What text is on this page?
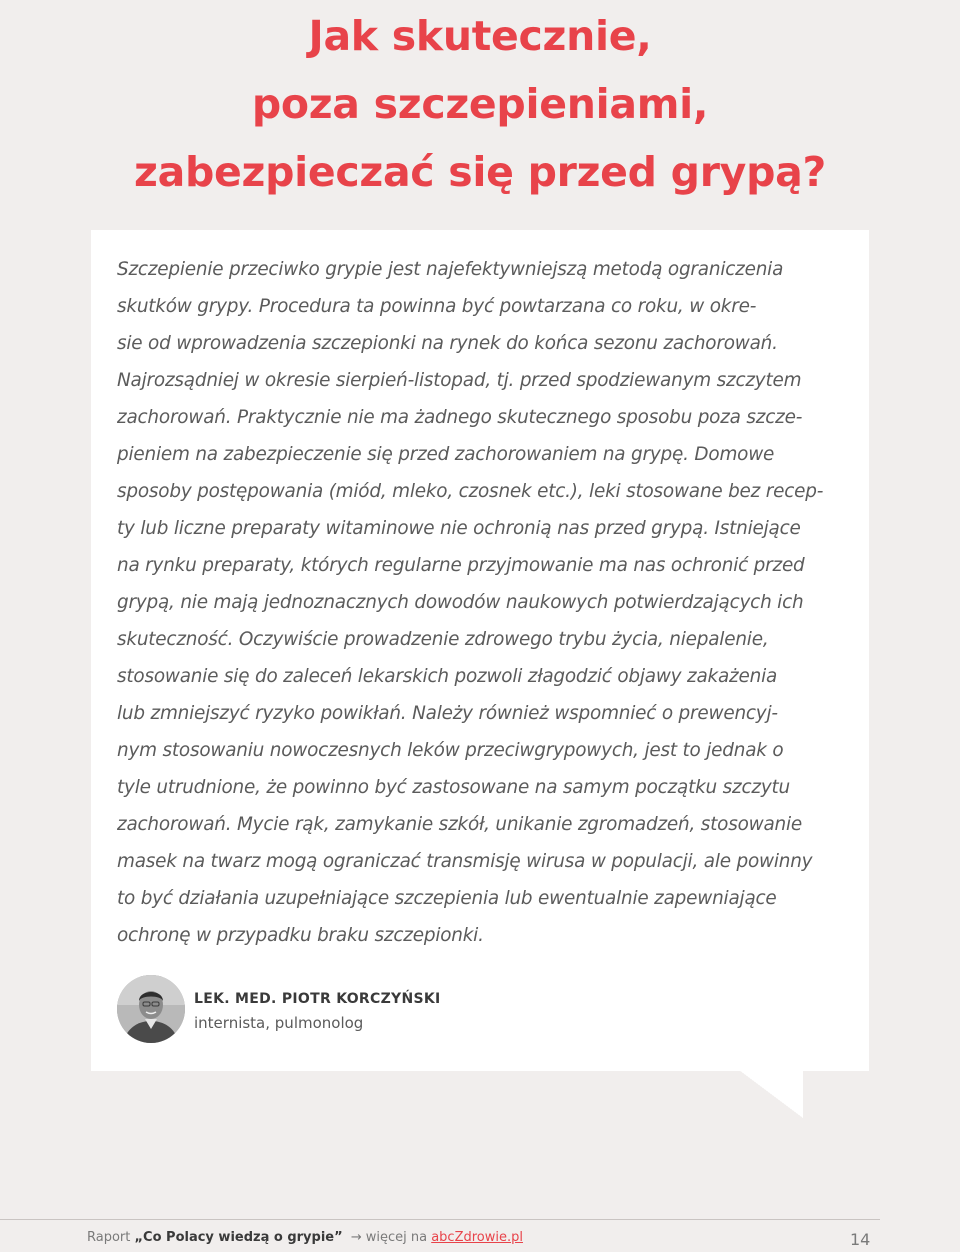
Jak skutecznie,
poza szczepieniami,
zabezpieczać się przed grypą?

Szczepienie przeciwko grypie jest najefektywniejszą metodą ograniczenia
skutków grypy. Procedura ta powinna być powtarzana co roku, w okre-
sie od wprowadzenia szczepionki na rynek do końca sezonu zachorowań.
Najrozsądniej w okresie sierpień-listopad, tj. przed spodziewanym szczytem
zachorowań. Praktycznie nie ma żadnego skutecznego sposobu poza szcze-
pieniem na zabezpieczenie się przed zachorowaniem na grypę. Domowe
sposoby postępowania (miód, mleko, czosnek etc.), leki stosowane bez recep-
ty lub liczne preparaty witaminowe nie ochronią nas przed grypą. Istniejące
na rynku preparaty, których regularne przyjmowanie ma nas ochronić przed
grypą, nie mają jednoznacznych dowodów naukowych potwierdzających ich
skuteczność. Oczywiście prowadzenie zdrowego trybu życia, niepalenie,
stosowanie się do zaleceń lekarskich pozwoli złagodzić objawy zakażenia
lub zmniejszyć ryzyko powikłań. Należy również wspomnieć o prewencyj-
nym stosowaniu nowoczesnych leków przeciwgrypowych, jest to jednak o
tyle utrudnione, że powinno być zastosowane na samym początku szczytu
zachorowań. Mycie rąk, zamykanie szkół, unikanie zgromadzeń, stosowanie
masek na twarz mogą ograniczać transmisję wirusa w populacji, ale powinny
to być działania uzupełniające szczepienia lub ewentualnie zapewniające
ochronę w przypadku braku szczepionki.

LEK. MED. PIOTR KORCZYŃSKI
internista, pulmonolog
Raport „Co Polacy wiedzą o grypie” → więcej na abcZdrowie.pl	14
